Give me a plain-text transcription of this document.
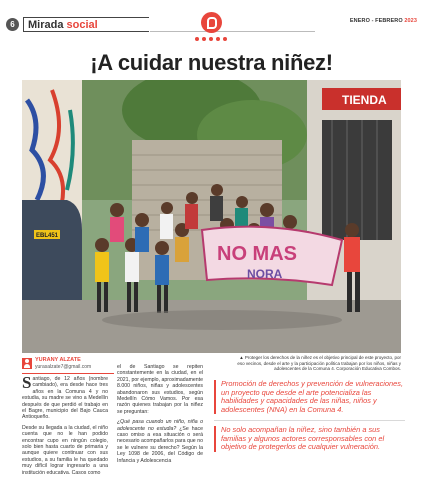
6	Mirada social	ENERO - FEBRERO 2023
¡A cuidar nuestra niñez!
TIENDA
EBL451
NO MAS
NORA
▲ Proteger los derechos de la niñez es el objetivo principal de este proyecto, por eso vecinos, desde el arte y la participación política trabajan por los niños, niñas y adolescentes de la Comuna 4. Corporación Educativa Combos.
YURANY ALZATE
yurasalzate7@gmail.com

Santiago, de 12 años (nombre cambiado), era desde hace tres años en la Comuna 4 y no estudia, su madre se vino a Medellín después de que perdió el trabajo en el Bagre, municipio del Bajo Cauca Antioqueño.

Desde su llegada a la ciudad, el niño cuenta que no le han podido encontrar cupo en ningún colegio, solo bien hasta cuarto de primaria y aunque quiere continuar con sus estudios, a su familia le ha quedado muy difícil lograr ingresarlo a una institución educativa. Casos como

el de Santiago se repiten constantemente en la ciudad, en el 2021, por ejemplo, aproximadamente 8.000 niños, niñas y adolescentes abandonaron sus estudios, según Medellín Cómo Vamos. Por esa razón quienes trabajan por la niñez se preguntan:

¿Qué pasa cuando un niño, niña o adolescente no estudia? ¿Se hace caso omiso a esa situación o será necesario acompañarlos para que no se le vulnere su derecho? Según la Ley 1098 de 2006, del Código de Infancia y Adolescencia

Promoción de derechos y prevención de vulneraciones, un proyecto que desde el arte potencializa las habilidades y capacidades de las niñas, niños y adolescentes (NNA) en la Comuna 4.
No solo acompañan la niñez, sino también a sus familias y algunos actores corresponsables con el objetivo de protegerlos de cualquier vulneración.
